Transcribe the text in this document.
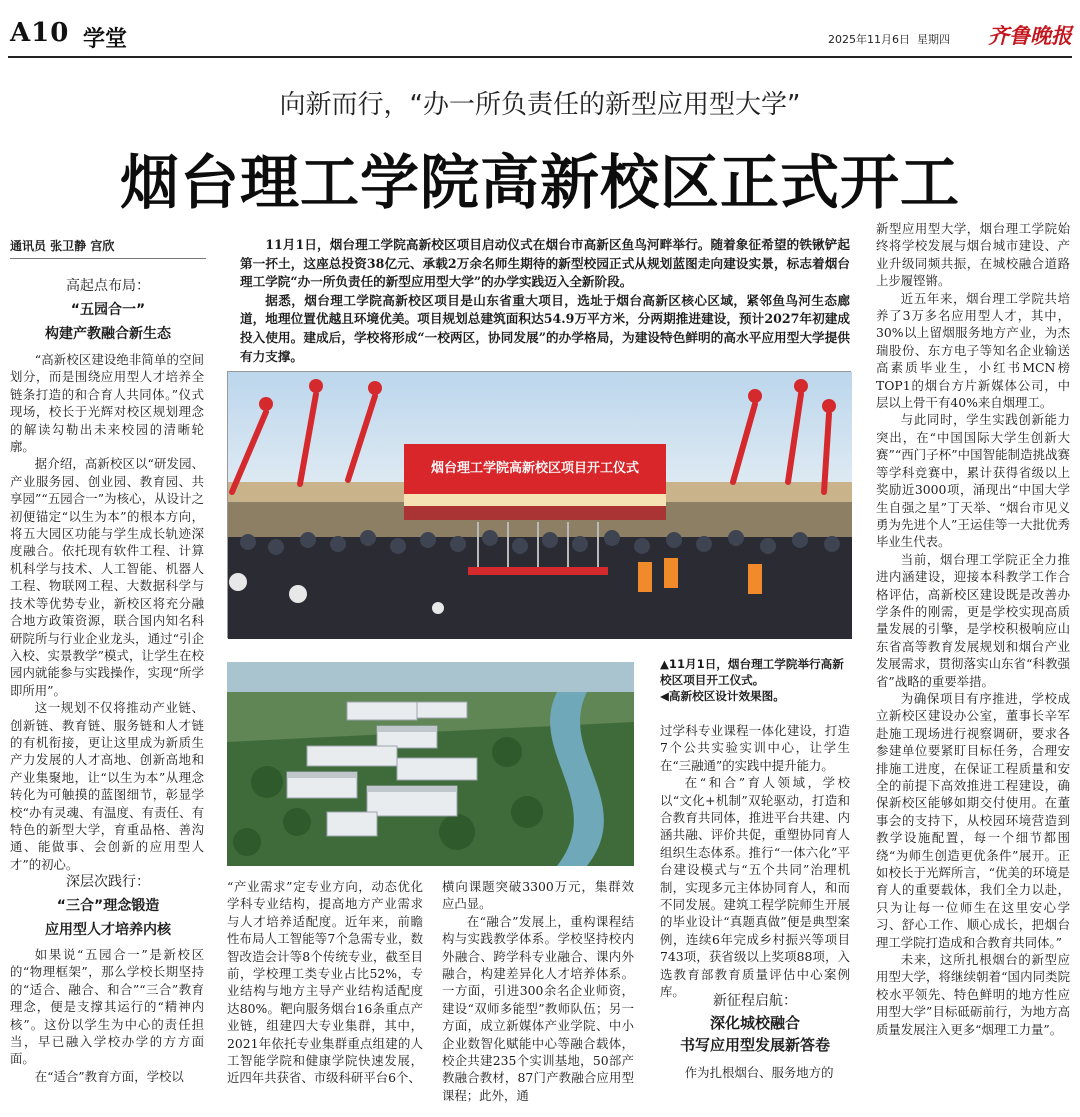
A10 学堂	2025年11月6日 星期四 齐鲁晚报
向新而行，“办一所负责任的新型应用型大学”
烟台理工学院高新校区正式开工
通讯员 张卫静 宫欣
高起点布局：
“五园合一”
构建产教融合新生态

“高新校区建设绝非简单的空间划分，而是围绕应用型人才培养全链条打造的和合育人共同体。”仪式现场，校长于光辉对校区规划理念的解读勾勒出未来校园的清晰轮廓。

据介绍，高新校区以“研发园、产业服务园、创业园、教育园、共享园”“五园合一”为核心，从设计之初便锚定“以生为本”的根本方向，将五大园区功能与学生成长轨迹深度融合。依托现有软件工程、计算机科学与技术、人工智能、机器人工程、物联网工程、大数据科学与技术等优势专业，新校区将充分融合地方政策资源，联合国内知名科研院所与行业企业龙头，通过“引企入校、实景教学”模式，让学生在校园内就能参与实践操作，实现“所学即所用”。

这一规划不仅将推动产业链、创新链、教育链、服务链和人才链的有机衔接，更让这里成为新质生产力发展的人才高地、创新高地和产业集聚地，让“以生为本”从理念转化为可触摸的蓝图细节，彰显学校“办有灵魂、有温度、有责任、有特色的新型大学，育重品格、善沟通、能做事、会创新的应用型人才”的初心。

深层次践行：
“三合”理念锻造
应用型人才培养内核

如果说“五园合一”是新校区的“物理框架”，那么学校长期坚持的“适合、融合、和合”“三合”教育理念，便是支撑其运行的“精神内核”。这份以学生为中心的责任担当，早已融入学校办学的方方面面。

在“适合”教育方面，学校以

11月1日，烟台理工学院高新校区项目启动仪式在烟台市高新区鱼鸟河畔举行。随着象征希望的铁锹铲起第一抔土，这座总投资38亿元、承载2万余名师生期待的新型校园正式从规划蓝图走向建设实景，标志着烟台理工学院“办一所负责任的新型应用型大学”的办学实践迈入全新阶段。

据悉，烟台理工学院高新校区项目是山东省重大项目，选址于烟台高新区核心区域，紧邻鱼鸟河生态廊道，地理位置优越且环境优美。项目规划总建筑面积达54.9万平方米，分两期推进建设，预计2027年初建成投入使用。建成后，学校将形成“一校两区，协同发展”的办学格局，为建设特色鲜明的高水平应用型大学提供有力支撑。

烟台理工学院高新校区项目开工仪式
▲11月1日，烟台理工学院举行高新校区项目开工仪式。
◀高新校区设计效果图。

“产业需求”定专业方向，动态优化学科专业结构，提高地方产业需求与人才培养适配度。近年来，前瞻性布局人工智能等7个急需专业，数智改造会计等8个传统专业，截至目前，学校理工类专业占比52%，专业结构与地方主导产业结构适配度达80%。靶向服务烟台16条重点产业链，组建四大专业集群，其中，2021年依托专业集群重点组建的人工智能学院和健康学院快速发展，近四年共获省、市级科研平台6个、

横向课题突破3300万元，集群效应凸显。

在“融合”发展上，重构课程结构与实践教学体系。学校坚持校内外融合、跨学科专业融合、课内外融合，构建差异化人才培养体系。一方面，引进300余名企业师资，建设“双师多能型”教师队伍；另一方面，成立新媒体产业学院、中小企业数智化赋能中心等融合载体，校企共建235个实训基地，50部产教融合教材，87门产教融合应用型课程；此外，通

过学科专业课程一体化建设，打造7个公共实验实训中心，让学生在“三融通”的实践中提升能力。

在“和合”育人领域，学校以“文化+机制”双轮驱动，打造和合教育共同体，推进平台共建、内涵共融、评价共促，重塑协同育人组织生态体系。推行“一体六化”平台建设模式与“五个共同”治理机制，实现多元主体协同育人，和而不同发展。建筑工程学院师生开展的毕业设计“真题真做”便是典型案例，连续6年完成乡村振兴等项目743项，获省级以上奖项88项，入选教育部教育质量评估中心案例库。

新征程启航：
深化城校融合
书写应用型发展新答卷

作为扎根烟台、服务地方的

新型应用型大学，烟台理工学院始终将学校发展与烟台城市建设、产业升级同频共振，在城校融合道路上步履铿锵。

近五年来，烟台理工学院共培养了3万多名应用型人才，其中，30%以上留烟服务地方产业，为杰瑞股份、东方电子等知名企业输送高素质毕业生，小红书MCN榜TOP1的烟台方片新媒体公司，中层以上骨干有40%来自烟理工。

与此同时，学生实践创新能力突出，在“中国国际大学生创新大赛”“西门子杯”中国智能制造挑战赛等学科竞赛中，累计获得省级以上奖励近3000项，涌现出“中国大学生自强之星”丁天举、“烟台市见义勇为先进个人”王运佳等一大批优秀毕业生代表。

当前，烟台理工学院正全力推进内涵建设，迎接本科教学工作合格评估，高新校区建设既是改善办学条件的刚需，更是学校实现高质量发展的引擎，是学校积极响应山东省高等教育发展规划和烟台产业发展需求，贯彻落实山东省“科教强省”战略的重要举措。

为确保项目有序推进，学校成立新校区建设办公室，董事长辛军赴施工现场进行视察调研，要求各参建单位要紧盯目标任务，合理安排施工进度，在保证工程质量和安全的前提下高效推进工程建设，确保新校区能够如期交付使用。在董事会的支持下，从校园环境营造到教学设施配置，每一个细节都围绕“为师生创造更优条件”展开。正如校长于光辉所言，“优美的环境是育人的重要载体，我们全力以赴，只为让每一位师生在这里安心学习、舒心工作、顺心成长，把烟台理工学院打造成和合教育共同体。”

未来，这所扎根烟台的新型应用型大学，将继续朝着“国内同类院校水平领先、特色鲜明的地方性应用型大学”目标砥砺前行，为地方高质量发展注入更多“烟理工力量”。
